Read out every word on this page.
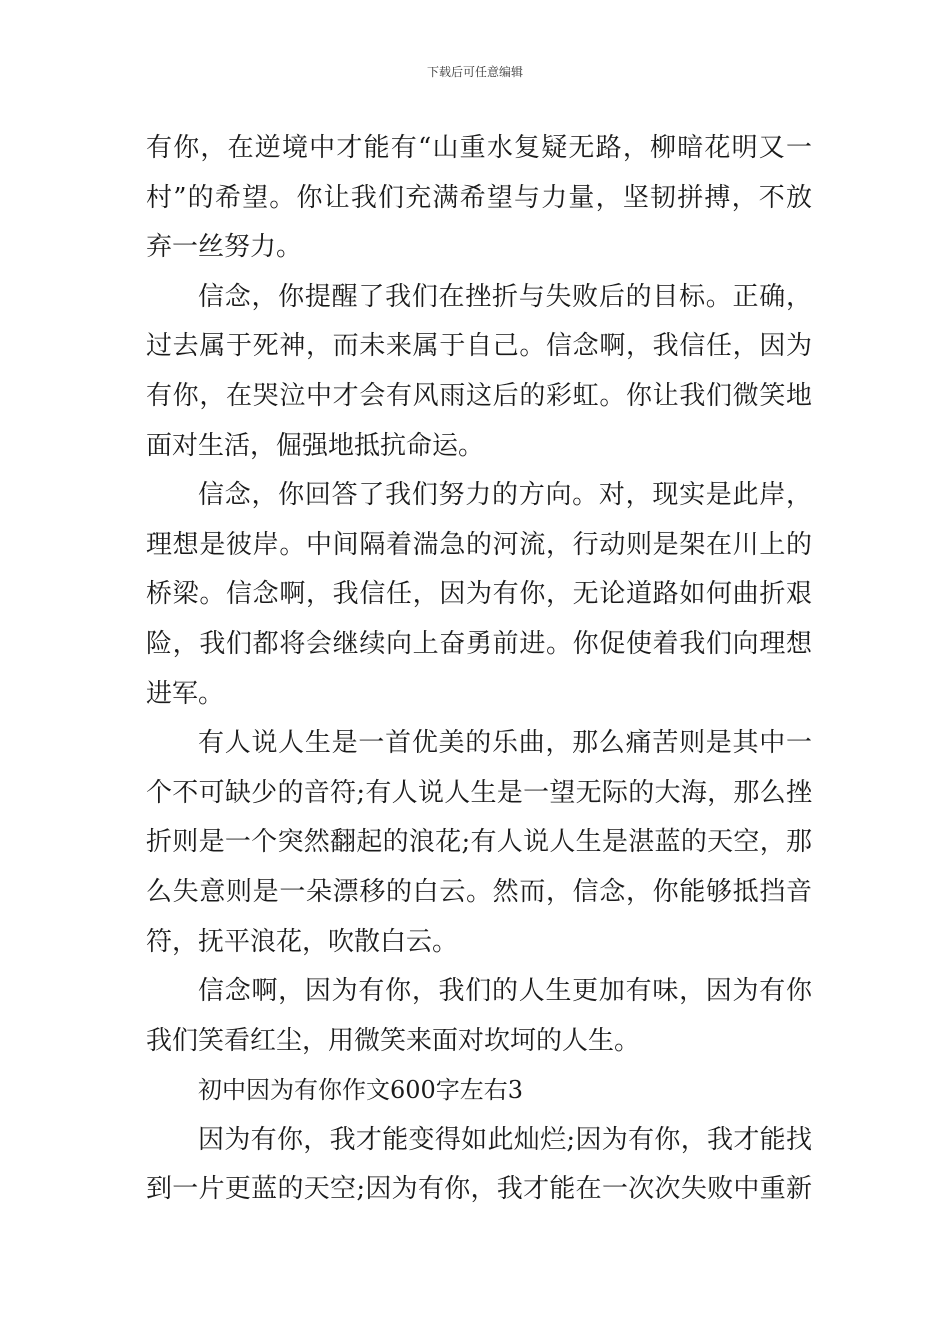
下载后可任意编辑
有你，在逆境中才能有“山重水复疑无路，柳暗花明又一
村”的希望。你让我们充满希望与力量，坚韧拼搏，不放
弃一丝努力。
信念，你提醒了我们在挫折与失败后的目标。正确，
过去属于死神，而未来属于自己。信念啊，我信任，因为
有你，在哭泣中才会有风雨这后的彩虹。你让我们微笑地
面对生活，倔强地抵抗命运。
信念，你回答了我们努力的方向。对，现实是此岸，
理想是彼岸。中间隔着湍急的河流，行动则是架在川上的
桥梁。信念啊，我信任，因为有你，无论道路如何曲折艰
险，我们都将会继续向上奋勇前进。你促使着我们向理想
进军。
有人说人生是一首优美的乐曲，那么痛苦则是其中一
个不可缺少的音符;有人说人生是一望无际的大海，那么挫
折则是一个突然翻起的浪花;有人说人生是湛蓝的天空，那
么失意则是一朵漂移的白云。然而，信念，你能够抵挡音
符，抚平浪花，吹散白云。
信念啊，因为有你，我们的人生更加有味，因为有你
我们笑看红尘，用微笑来面对坎坷的人生。
初中因为有你作文600字左右3
因为有你，我才能变得如此灿烂;因为有你，我才能找
到一片更蓝的天空;因为有你，我才能在一次次失败中重新
